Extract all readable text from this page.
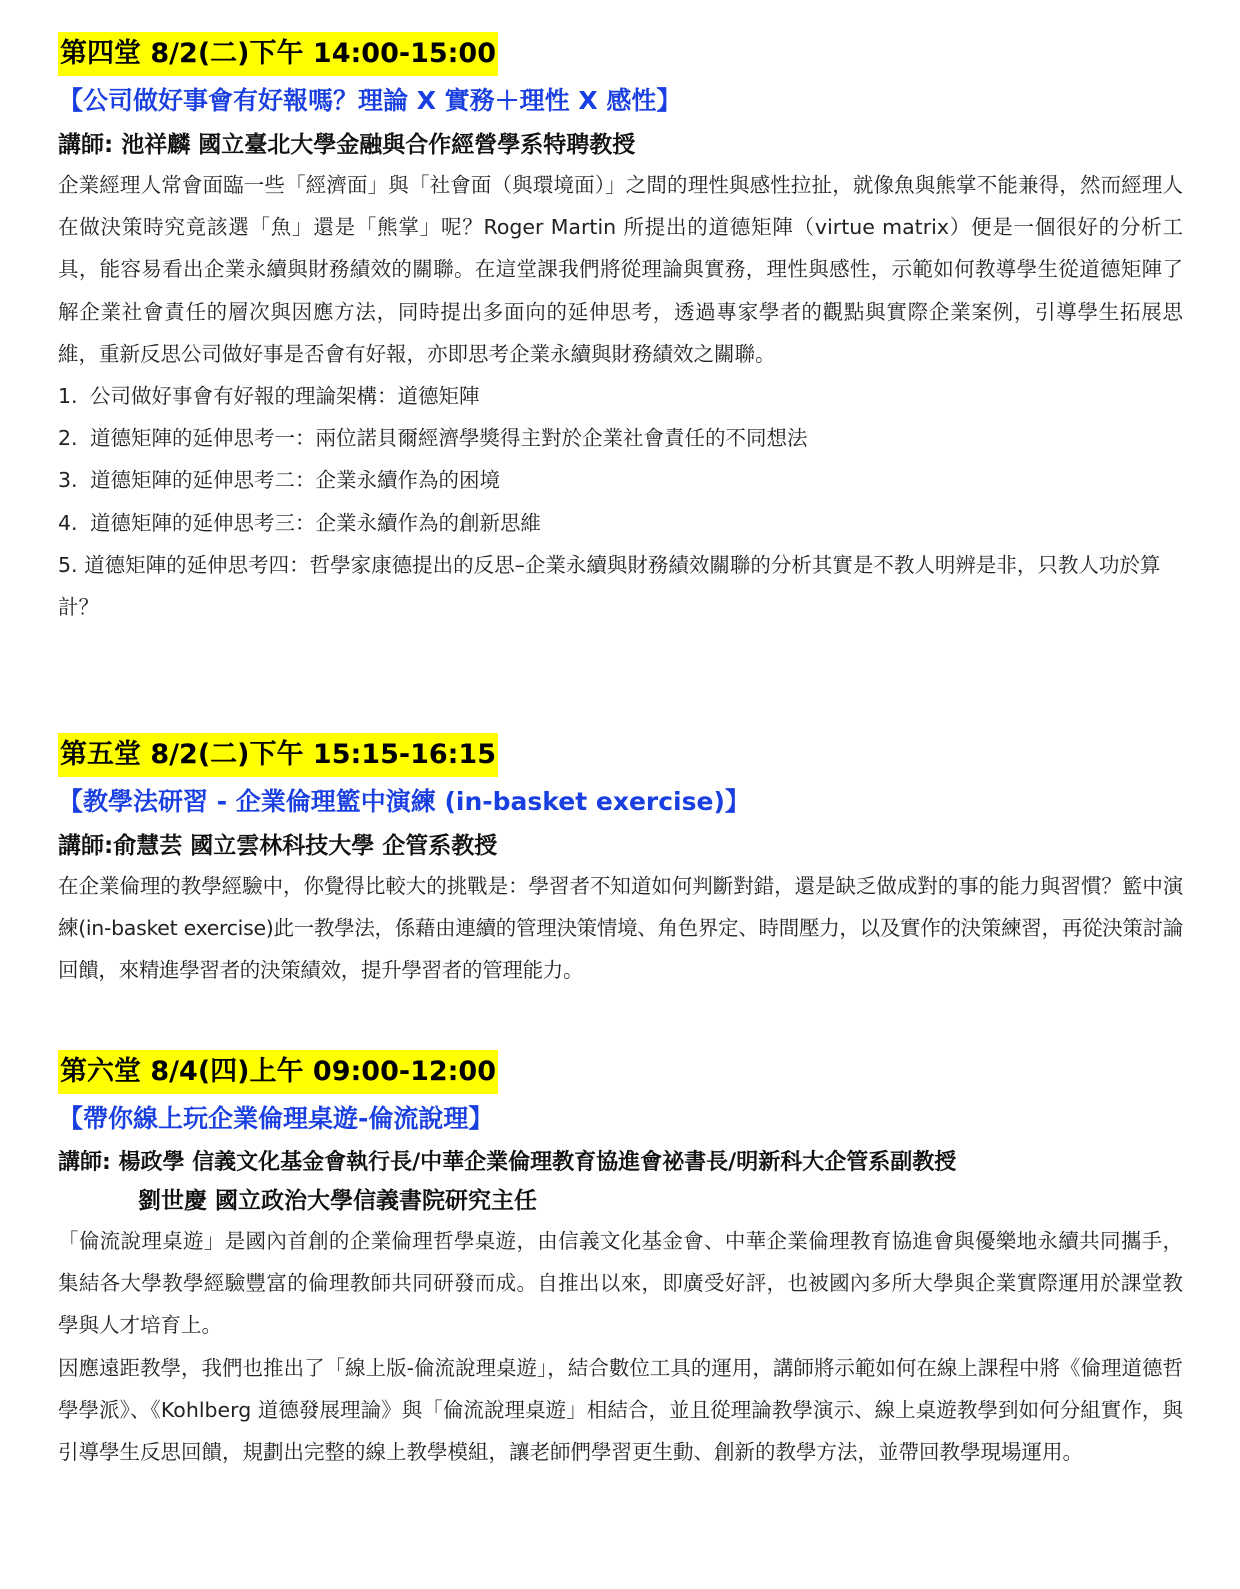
第四堂 8/2(二)下午 14:00-15:00
【公司做好事會有好報嗎？理論 X 實務＋理性 X 感性】
講師: 池祥麟 國立臺北大學金融與合作經營學系特聘教授
企業經理人常會面臨一些「經濟面」與「社會面（與環境面）」之間的理性與感性拉扯，就像魚與熊掌不能兼得，然而經理人在做決策時究竟該選「魚」還是「熊掌」呢？Roger Martin 所提出的道德矩陣（virtue matrix）便是一個很好的分析工具，能容易看出企業永續與財務績效的關聯。在這堂課我們將從理論與實務，理性與感性，示範如何教導學生從道德矩陣了解企業社會責任的層次與因應方法，同時提出多面向的延伸思考，透過專家學者的觀點與實際企業案例，引導學生拓展思維，重新反思公司做好事是否會有好報，亦即思考企業永續與財務績效之關聯。
1. 公司做好事會有好報的理論架構：道德矩陣
2. 道德矩陣的延伸思考一：兩位諾貝爾經濟學獎得主對於企業社會責任的不同想法
3. 道德矩陣的延伸思考二：企業永續作為的困境
4. 道德矩陣的延伸思考三：企業永續作為的創新思維
5. 道德矩陣的延伸思考四：哲學家康德提出的反思–企業永續與財務績效關聯的分析其實是不教人明辨是非，只教人功於算計？
第五堂 8/2(二)下午 15:15-16:15
【教學法研習 - 企業倫理籃中演練 (in-basket exercise)】
講師:俞慧芸 國立雲林科技大學 企管系教授
在企業倫理的教學經驗中，你覺得比較大的挑戰是：學習者不知道如何判斷對錯，還是缺乏做成對的事的能力與習慣？籃中演練(in-basket exercise)此一教學法，係藉由連續的管理決策情境、角色界定、時間壓力，以及實作的決策練習，再從決策討論回饋，來精進學習者的決策績效，提升學習者的管理能力。
第六堂 8/4(四)上午 09:00-12:00
【帶你線上玩企業倫理桌遊-倫流說理】
講師: 楊政學 信義文化基金會執行長/中華企業倫理教育協進會祕書長/明新科大企管系副教授
劉世慶 國立政治大學信義書院研究主任
「倫流說理桌遊」是國內首創的企業倫理哲學桌遊，由信義文化基金會、中華企業倫理教育協進會與優樂地永續共同攜手，集結各大學教學經驗豐富的倫理教師共同研發而成。自推出以來，即廣受好評，也被國內多所大學與企業實際運用於課堂教學與人才培育上。
因應遠距教學，我們也推出了「線上版-倫流說理桌遊」，結合數位工具的運用，講師將示範如何在線上課程中將《倫理道德哲學學派》、《Kohlberg 道德發展理論》與「倫流說理桌遊」相結合，並且從理論教學演示、線上桌遊教學到如何分組實作，與引導學生反思回饋，規劃出完整的線上教學模組，讓老師們學習更生動、創新的教學方法，並帶回教學現場運用。
